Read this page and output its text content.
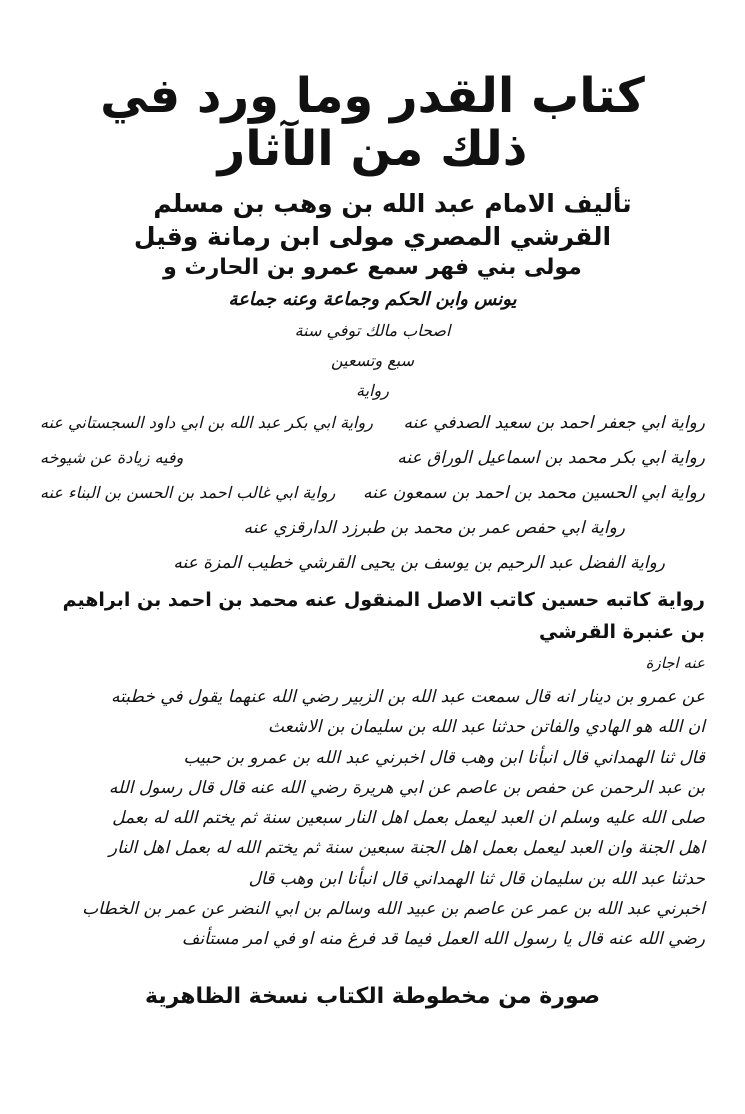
كتاب القدر وما ورد في ذلك من الآثار
تأليف الامام عبد الله بن وهب بن مسلم
القرشي المصري مولى ابن رمانة وقيل
مولى بني فهر سمع عمرو بن الحارث و
يونس وابن الحكم وجماعة وعنه جماعة
اصحاب مالك توفي سنة
سبع وتسعين
رواية
رواية ابي جعفر احمد بن سعيد الصدفي عنه
رواية ابي بكر عبد الله بن ابي داود السجستاني عنه
رواية ابي بكر محمد بن اسماعيل الوراق عنه
وفيه زيادة عن شيوخه
رواية ابي الحسين محمد بن احمد بن سمعون عنه
رواية ابي غالب احمد بن الحسن بن البناء عنه
رواية ابي حفص عمر بن محمد بن طبرزد الدارقزي عنه
رواية الفضل عبد الرحيم بن يوسف بن يحيى القرشي خطيب المزة عنه
رواية كاتبه حسين كاتب الاصل المنقول عنه محمد بن احمد بن ابراهيم بن عنبرة القرشي
عنه اجازة

عن عمرو بن دينار انه قال سمعت عبد الله بن الزبير رضي الله عنهما يقول في خطبته

ان الله هو الهادي والفاتن حدثنا عبد الله بن سليمان بن الاشعث

قال ثنا الهمداني قال انبأنا ابن وهب قال اخبرني عبد الله بن عمرو بن حبيب

بن عبد الرحمن عن حفص بن عاصم عن ابي هريرة رضي الله عنه قال قال رسول الله

صلى الله عليه وسلم ان العبد ليعمل بعمل اهل النار سبعين سنة ثم يختم الله له بعمل

اهل الجنة وان العبد ليعمل بعمل اهل الجنة سبعين سنة ثم يختم الله له بعمل اهل النار

حدثنا عبد الله بن سليمان قال ثنا الهمداني قال انبأنا ابن وهب قال

اخبرني عبد الله بن عمر عن عاصم بن عبيد الله وسالم بن ابي النضر عن عمر بن الخطاب

رضي الله عنه قال يا رسول الله العمل فيما قد فرغ منه او في امر مستأنف

صورة من مخطوطة الكتاب نسخة الظاهرية
